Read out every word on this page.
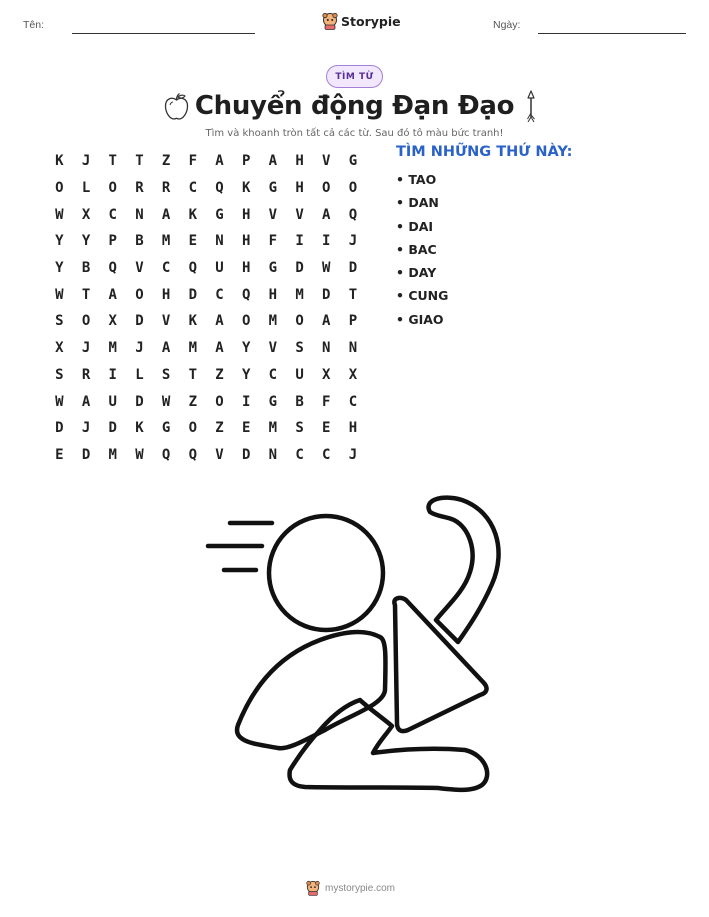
Tên:	Storypie	Ngày:
TÌM TỪ
Chuyển động Đạn Đạo
Tìm và khoanh tròn tất cả các từ. Sau đó tô màu bức tranh!
K	J	T	T	Z	F	A	P	A	H	V	G
O	L	O	R	R	C	Q	K	G	H	O	O
W	X	C	N	A	K	G	H	V	V	A	Q
Y	Y	P	B	M	E	N	H	F	I	I	J
Y	B	Q	V	C	Q	U	H	G	D	W	D
W	T	A	O	H	D	C	Q	H	M	D	T
S	O	X	D	V	K	A	O	M	O	A	P
X	J	M	J	A	M	A	Y	V	S	N	N
S	R	I	L	S	T	Z	Y	C	U	X	X
W	A	U	D	W	Z	O	I	G	B	F	C
D	J	D	K	G	O	Z	E	M	S	E	H
E	D	M	W	Q	Q	V	D	N	C	C	J
TÌM NHỮNG THỨ NÀY:
• TAO
• DAN
• DAI
• BAC
• DAY
• CUNG
• GIAO
mystorypie.com
